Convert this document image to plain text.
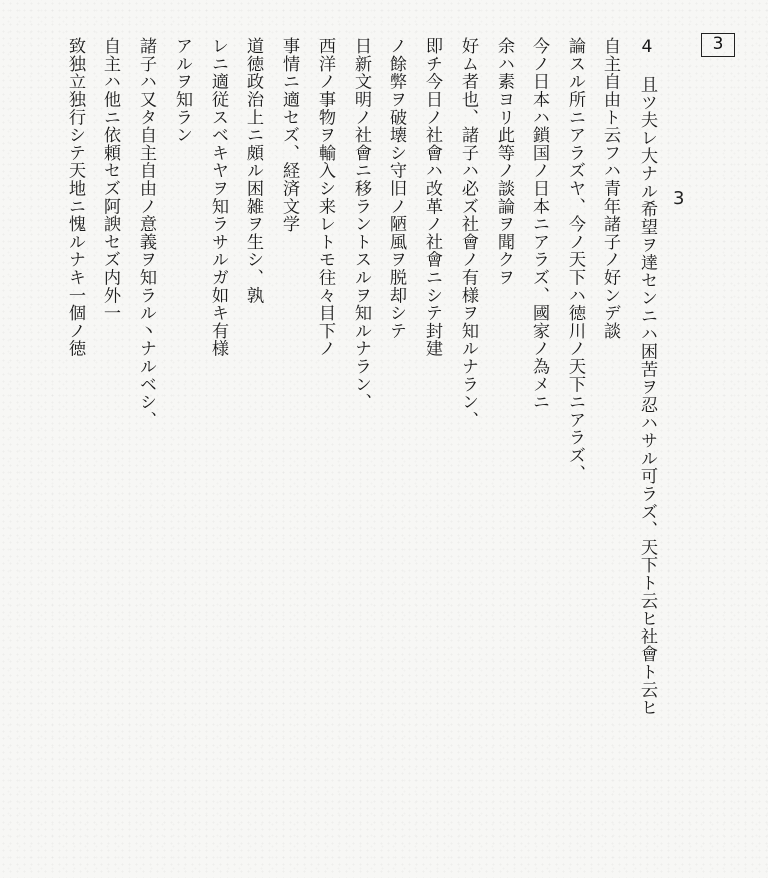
3
3
4　且ツ夫レ大ナル希望ヲ達センニハ困苦ヲ忍ハサル可ラズ、天下ト云ヒ社會ト云ヒ
自主自由ト云フハ青年諸子ノ好ンデ談
論スル所ニアラズヤ、今ノ天下ハ徳川ノ天下ニアラズ、
今ノ日本ハ鎖国ノ日本ニアラズ、國家ノ為メニ
余ハ素ヨリ此等ノ談論ヲ聞クヲ
好ム者也、諸子ハ必ズ社會ノ有様ヲ知ルナラン、
即チ今日ノ社會ハ改革ノ社會ニシテ封建
ノ餘弊ヲ破壊シ守旧ノ陋風ヲ脱却シテ
日新文明ノ社會ニ移ラントスルヲ知ルナラン、
西洋ノ事物ヲ輸入シ来レトモ往々目下ノ
事情ニ適セズ、経済文学
道徳政治上ニ頗ル困雑ヲ生シ、孰
レニ適従スベキヤヲ知ラサルガ如キ有様
アルヲ知ラン
諸子ハ又タ自主自由ノ意義ヲ知ラル丶ナルベシ、
自主ハ他ニ依頼セズ阿諛セズ内外一
致独立独行シテ天地ニ愧ルナキ一個ノ徳
